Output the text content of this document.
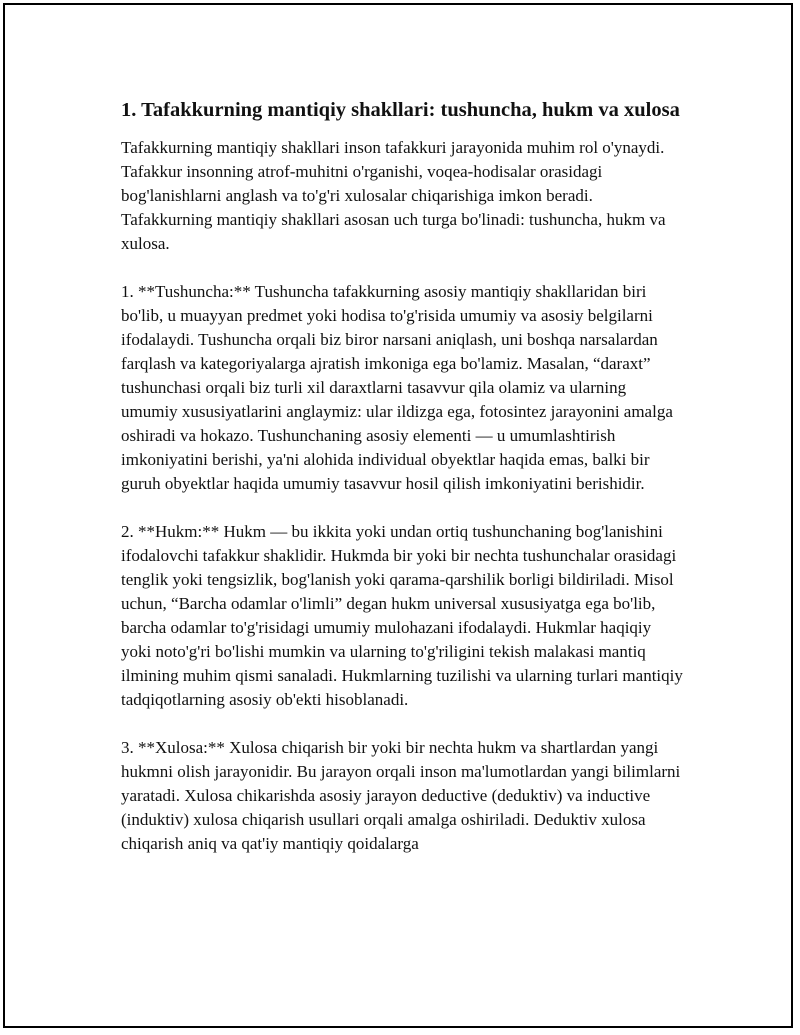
1. Tafakkurning mantiqiy shakllari: tushuncha, hukm va xulosa

Tafakkurning mantiqiy shakllari inson tafakkuri jarayonida muhim rol o'ynaydi. Tafakkur insonning atrof-muhitni o'rganishi, voqea-hodisalar orasidagi bog'lanishlarni anglash va to'g'ri xulosalar chiqarishiga imkon beradi. Tafakkurning mantiqiy shakllari asosan uch turga bo'linadi: tushuncha, hukm va xulosa.

1. **Tushuncha:** Tushuncha tafakkurning asosiy mantiqiy shakllaridan biri bo'lib, u muayyan predmet yoki hodisa to'g'risida umumiy va asosiy belgilarni ifodalaydi. Tushuncha orqali biz biror narsani aniqlash, uni boshqa narsalardan farqlash va kategoriyalarga ajratish imkoniga ega bo'lamiz. Masalan, “daraxt” tushunchasi orqali biz turli xil daraxtlarni tasavvur qila olamiz va ularning umumiy xususiyatlarini anglaymiz: ular ildizga ega, fotosintez jarayonini amalga oshiradi va hokazo. Tushunchaning asosiy elementi — u umumlashtirish imkoniyatini berishi, ya'ni alohida individual obyektlar haqida emas, balki bir guruh obyektlar haqida umumiy tasavvur hosil qilish imkoniyatini berishidir.

2. **Hukm:** Hukm — bu ikkita yoki undan ortiq tushunchaning bog'lanishini ifodalovchi tafakkur shaklidir. Hukmda bir yoki bir nechta tushunchalar orasidagi tenglik yoki tengsizlik, bog'lanish yoki qarama-qarshilik borligi bildiriladi. Misol uchun, “Barcha odamlar o'limli” degan hukm universal xususiyatga ega bo'lib, barcha odamlar to'g'risidagi umumiy mulohazani ifodalaydi. Hukmlar haqiqiy yoki noto'g'ri bo'lishi mumkin va ularning to'g'riligini tekish malakasi mantiq ilmining muhim qismi sanaladi. Hukmlarning tuzilishi va ularning turlari mantiqiy tadqiqotlarning asosiy ob'ekti hisoblanadi.

3. **Xulosa:** Xulosa chiqarish bir yoki bir nechta hukm va shartlardan yangi hukmni olish jarayonidir. Bu jarayon orqali inson ma'lumotlardan yangi bilimlarni yaratadi. Xulosa chikarishda asosiy jarayon deductive (deduktiv) va inductive (induktiv) xulosa chiqarish usullari orqali amalga oshiriladi. Deduktiv xulosa chiqarish aniq va qat'iy mantiqiy qoidalarga
